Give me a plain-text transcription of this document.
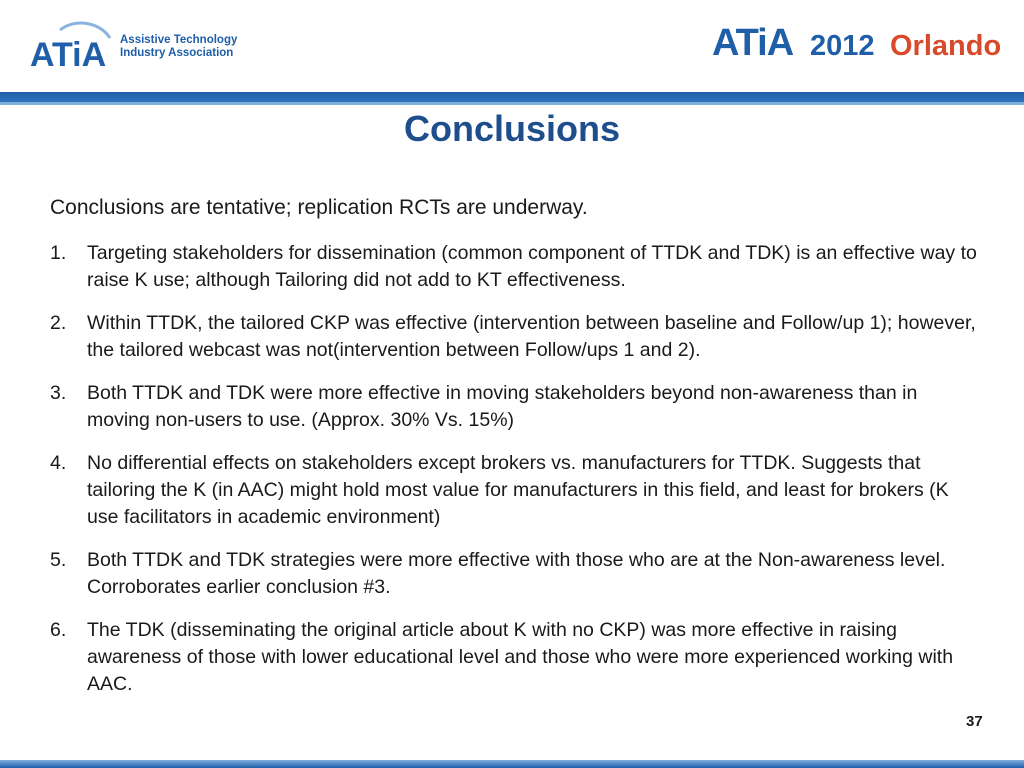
ATiA Assistive Technology
Industry Association	ATiA 2012 Orlando
Conclusions
Conclusions are tentative; replication RCTs are underway.
1. Targeting stakeholders for dissemination (common component of TTDK and TDK) is an effective way to raise K use; although Tailoring did not add to KT effectiveness.
2. Within TTDK, the tailored CKP was effective (intervention between baseline and Follow/up 1); however, the tailored webcast was not(intervention between Follow/ups 1 and 2).
3. Both TTDK and TDK were more effective in moving stakeholders beyond non-awareness than in moving non-users to use. (Approx. 30% Vs. 15%)
4. No differential effects on stakeholders except brokers vs. manufacturers for TTDK. Suggests that tailoring the K (in AAC) might hold most value for manufacturers in this field, and least for brokers (K use facilitators in academic environment)
5. Both TTDK and TDK strategies were more effective with those who are at the Non-awareness level. Corroborates earlier conclusion #3.
6. The TDK (disseminating the original article about K with no CKP) was more effective in raising awareness of those with lower educational level and those who were more experienced working with AAC.
37
